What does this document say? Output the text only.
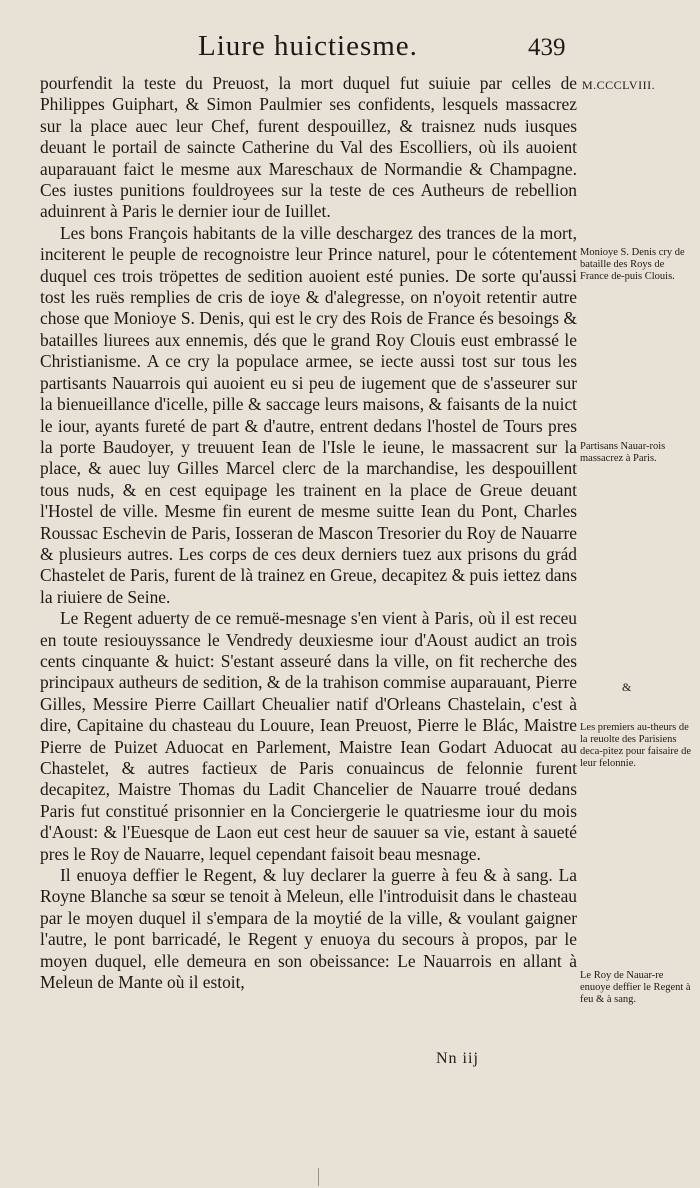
Liure huictiesme.	439
M.CCCLVIII.

pourfendit la teste du Preuost, la mort duquel fut suiuie par celles de Philippes Guiphart, & Simon Paulmier ses confidents, lesquels massacrez sur la place auec leur Chef, furent despouillez, & traisnez nuds iusques deuant le portail de saincte Catherine du Val des Escolliers, où ils auoient auparauant faict le mesme aux Mareschaux de Normandie & Champagne. Ces iustes punitions fouldroyees sur la teste de ces Autheurs de rebellion aduinrent à Paris le dernier iour de Iuillet.

Les bons François habitants de la ville deschargez des trances de la mort, inciterent le peuple de recognoistre leur Prince naturel, pour le cótentement duquel ces trois tröpettes de sedition auoient esté punies. De sorte qu'aussi tost les ruës remplies de cris de ioye & d'alegresse, on n'oyoit retentir autre chose que Monioye S. Denis, qui est le cry des Rois de France és besoings & batailles liurees aux ennemis, dés que le grand Roy Clouis eust embrassé le Christianisme. A ce cry la populace armee, se iecte aussi tost sur tous les partisants Nauarrois qui auoient eu si peu de iugement que de s'asseurer sur la bienueillance d'icelle, pille & saccage leurs maisons, & faisants de la nuict le iour, ayants fureté de part & d'autre, entrent dedans l'hostel de Tours pres la porte Baudoyer, y treuuent Iean de l'Isle le ieune, le massacrent sur la place, & auec luy Gilles Marcel clerc de la marchandise, les despouillent tous nuds, & en cest equipage les trainent en la place de Greue deuant l'Hostel de ville. Mesme fin eurent de mesme suitte Iean du Pont, Charles Roussac Eschevin de Paris, Iosseran de Mascon Tresorier du Roy de Nauarre & plusieurs autres. Les corps de ces deux derniers tuez aux prisons du grád Chastelet de Paris, furent de là trainez en Greue, decapitez & puis iettez dans la riuiere de Seine.

Le Regent aduerty de ce remuë-mesnage s'en vient à Paris, où il est receu en toute resiouyssance le Vendredy deuxiesme iour d'Aoust audict an trois cents cinquante & huict: S'estant asseuré dans la ville, on fit recherche des principaux autheurs de sedition, & de la trahison commise auparauant, Pierre Gilles, Messire Pierre Caillart Cheualier natif d'Orleans Chastelain, c'est à dire, Capitaine du chasteau du Louure, Iean Preuost, Pierre le Blác, Maistre Pierre de Puizet Aduocat en Parlement, Maistre Iean Godart Aduocat au Chastelet, & autres factieux de Paris conuaincus de felonnie furent decapitez, Maistre Thomas du Ladit Chancelier de Nauarre troué dedans Paris fut constitué prisonnier en la Conciergerie le quatriesme iour du mois d'Aoust: & l'Euesque de Laon eut cest heur de sauuer sa vie, estant à saueté pres le Roy de Nauarre, lequel cependant faisoit beau mesnage.

Il enuoya deffier le Regent, & luy declarer la guerre à feu & à sang. La Royne Blanche sa sœur se tenoit à Meleun, elle l'introduisit dans le chasteau par le moyen duquel il s'empara de la moytié de la ville, & voulant gaigner l'autre, le pont barricadé, le Regent y enuoya du secours à propos, par le moyen duquel, elle demeura en son obeissance: Le Nauarrois en allant à Meleun de Mante où il estoit,

Monioye S. Denis cry de bataille des Roys de France de-puis Clouis.
Partisans Nauar-rois massacrez à Paris.
&
Les premiers au-theurs de la reuolte des Parisiens deca-pitez pour faisaire de leur felonnie.
Le Roy de Nauar-re enuoye deffier le Regent à feu & à sang.
Nn iij
